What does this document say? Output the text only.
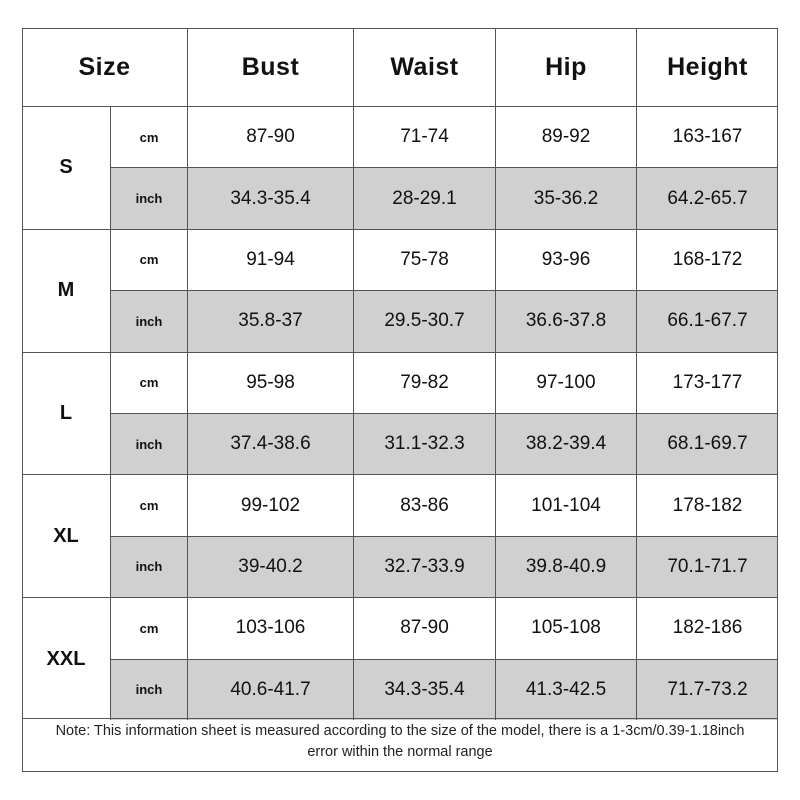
Size	Bust	Waist	Hip	Height
S
cm	87-90	71-74	89-92	163-167
inch	34.3-35.4	28-29.1	35-36.2	64.2-65.7
M
cm	91-94	75-78	93-96	168-172
inch	35.8-37	29.5-30.7	36.6-37.8	66.1-67.7
L
cm	95-98	79-82	97-100	173-177
inch	37.4-38.6	31.1-32.3	38.2-39.4	68.1-69.7
XL
cm	99-102	83-86	101-104	178-182
inch	39-40.2	32.7-33.9	39.8-40.9	70.1-71.7
XXL
cm	103-106	87-90	105-108	182-186
inch	40.6-41.7	34.3-35.4	41.3-42.5	71.7-73.2
Note: This information sheet is measured according to the size of the model, there is a 1-3cm/0.39-1.18inch error within the normal range
